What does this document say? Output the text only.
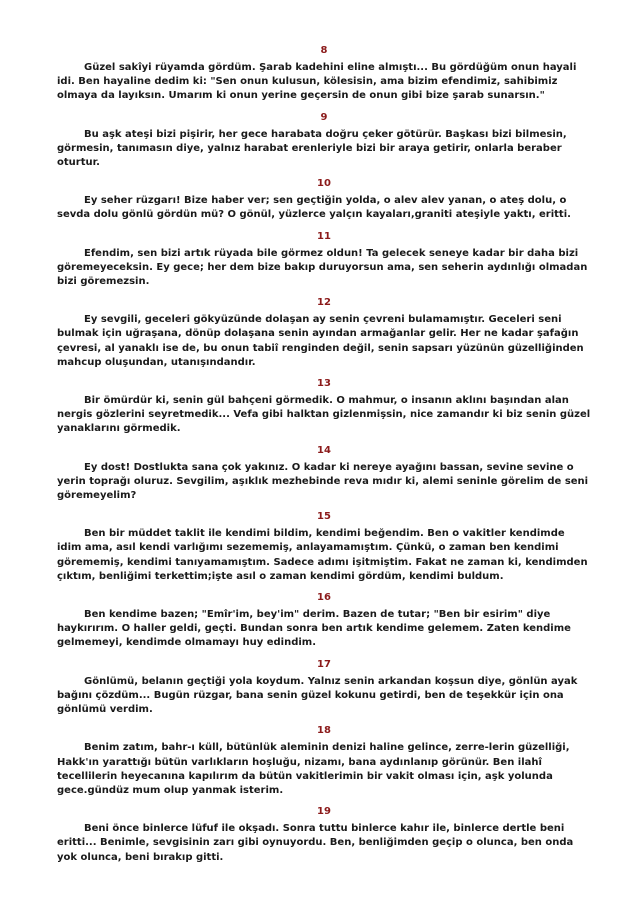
8

Güzel sakîyi rüyamda gördüm. Şarab kadehini eline almıştı... Bu gördüğüm onun hayali idi. Ben hayaline dedim ki: "Sen onun kulusun, kölesisin, ama bizim efendimiz, sahibimiz olmaya da layıksın. Umarım ki onun yerine geçersin de onun gibi bize şarab sunarsın."

9

Bu aşk ateşi bizi pişirir, her gece harabata doğru çeker götürür. Başkası bizi bilmesin, görmesin, tanımasın diye, yalnız harabat erenleriyle bizi bir araya getirir, onlarla beraber oturtur.

10

Ey seher rüzgarı! Bize haber ver; sen geçtiğin yolda, o alev alev yanan, o ateş dolu, o sevda dolu gönlü gördün mü? O gönül, yüzlerce yalçın kayaları,graniti ateşiyle yaktı, eritti.

11

Efendim, sen bizi artık rüyada bile görmez oldun! Ta gelecek seneye kadar bir daha bizi göremeyeceksin. Ey gece; her dem bize bakıp duruyorsun ama, sen seherin aydınlığı olmadan bizi göremezsin.

12

Ey sevgili, geceleri gökyüzünde dolaşan ay senin çevreni bulamamıştır. Geceleri seni bulmak için uğraşana, dönüp dolaşana senin ayından armağanlar gelir. Her ne kadar şafağın çevresi, al yanaklı ise de, bu onun tabiî renginden değil, senin sapsarı yüzünün güzelliğinden mahcup oluşundan, utanışındandır.

13

Bir ömürdür ki, senin gül bahçeni görmedik. O mahmur, o insanın aklını başından alan nergis gözlerini seyretmedik... Vefa gibi halktan gizlenmişsin, nice zamandır ki biz senin güzel yanaklarını görmedik.

14

Ey dost! Dostlukta sana çok yakınız. O kadar ki nereye ayağını bassan, sevine sevine o yerin toprağı oluruz. Sevgilim, aşıklık mezhebinde reva mıdır ki, alemi seninle görelim de seni göremeyelim?

15

Ben bir müddet taklit ile kendimi bildim, kendimi beğendim. Ben o vakitler kendimde idim ama, asıl kendi varlığımı sezememiş, anlayamamıştım. Çünkü, o zaman ben kendimi görememiş, kendimi tanıyamamıştım. Sadece adımı işitmiştim. Fakat ne zaman ki, kendimden çıktım, benliğimi terkettim;işte asıl o zaman kendimi gördüm, kendimi buldum.

16

Ben kendime bazen; "Emîr'im, bey'im" derim. Bazen de tutar; "Ben bir esirim" diye haykırırım. O haller geldi, geçti. Bundan sonra ben artık kendime gelemem. Zaten kendime gelmemeyi, kendimde olmamayı huy edindim.

17

Gönlümü, belanın geçtiği yola koydum. Yalnız senin arkandan koşsun diye, gönlün ayak bağını çözdüm... Bugün rüzgar, bana senin güzel kokunu getirdi, ben de teşekkür için ona gönlümü verdim.

18

Benim zatım, bahr-ı küll, bütünlük aleminin denizi haline gelince, zerre-lerin güzelliği, Hakk'ın yarattığı bütün varlıkların hoşluğu, nizamı, bana aydınlanıp görünür. Ben ilahî tecellilerin heyecanına kapılırım da bütün vakitlerimin bir vakit olması için, aşk yolunda gece.gündüz mum olup yanmak isterim.

19

Beni önce binlerce lüfuf ile okşadı. Sonra tuttu binlerce kahır ile, binlerce dertle beni eritti... Benimle, sevgisinin zarı gibi oynuyordu. Ben, benliğimden geçip o olunca, ben onda yok olunca, beni bırakıp gitti.
